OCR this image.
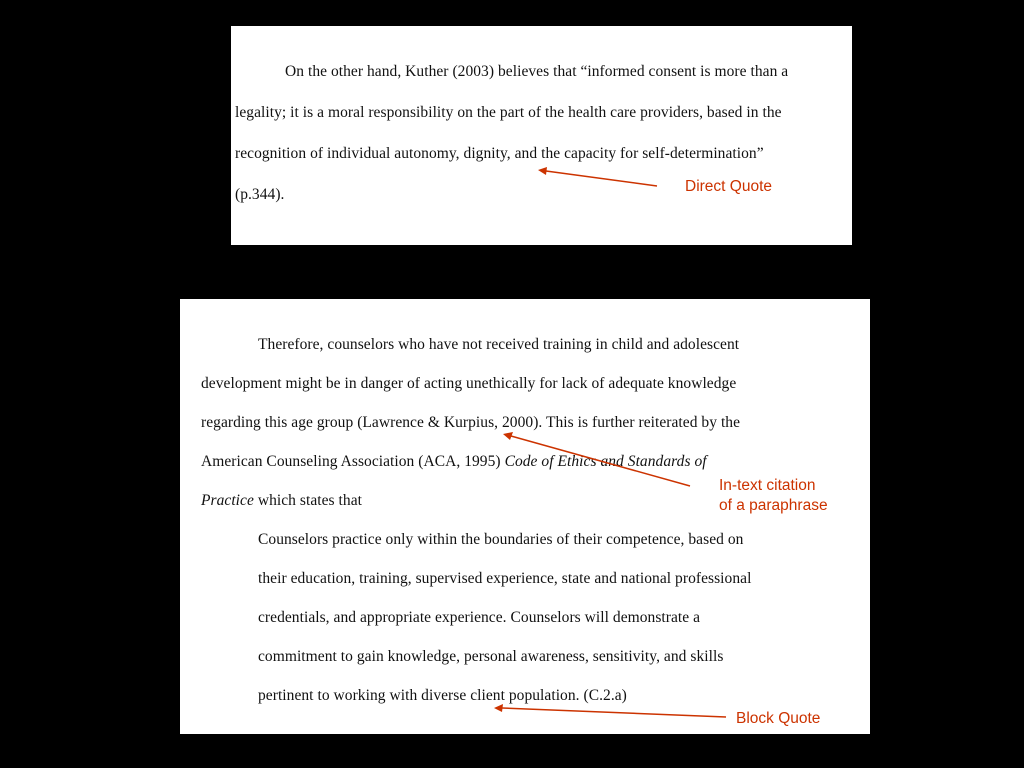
On the other hand, Kuther (2003) believes that “informed consent is more than a
legality; it is a moral responsibility on the part of the health care providers, based in the
recognition of individual autonomy, dignity, and the capacity for self-determination”
(p.344).
Therefore, counselors who have not received training in child and adolescent
development might be in danger of acting unethically for lack of adequate knowledge
regarding this age group (Lawrence & Kurpius, 2000). This is further reiterated by the
American Counseling Association (ACA, 1995) Code of Ethics and Standards of
Practice which states that
Counselors practice only within the boundaries of their competence, based on
their education, training, supervised experience, state and national professional
credentials, and appropriate experience. Counselors will demonstrate a
commitment to gain knowledge, personal awareness, sensitivity, and skills
pertinent to working with diverse client population. (C.2.a)
Direct Quote
In-text citation
of a paraphrase
Block Quote
